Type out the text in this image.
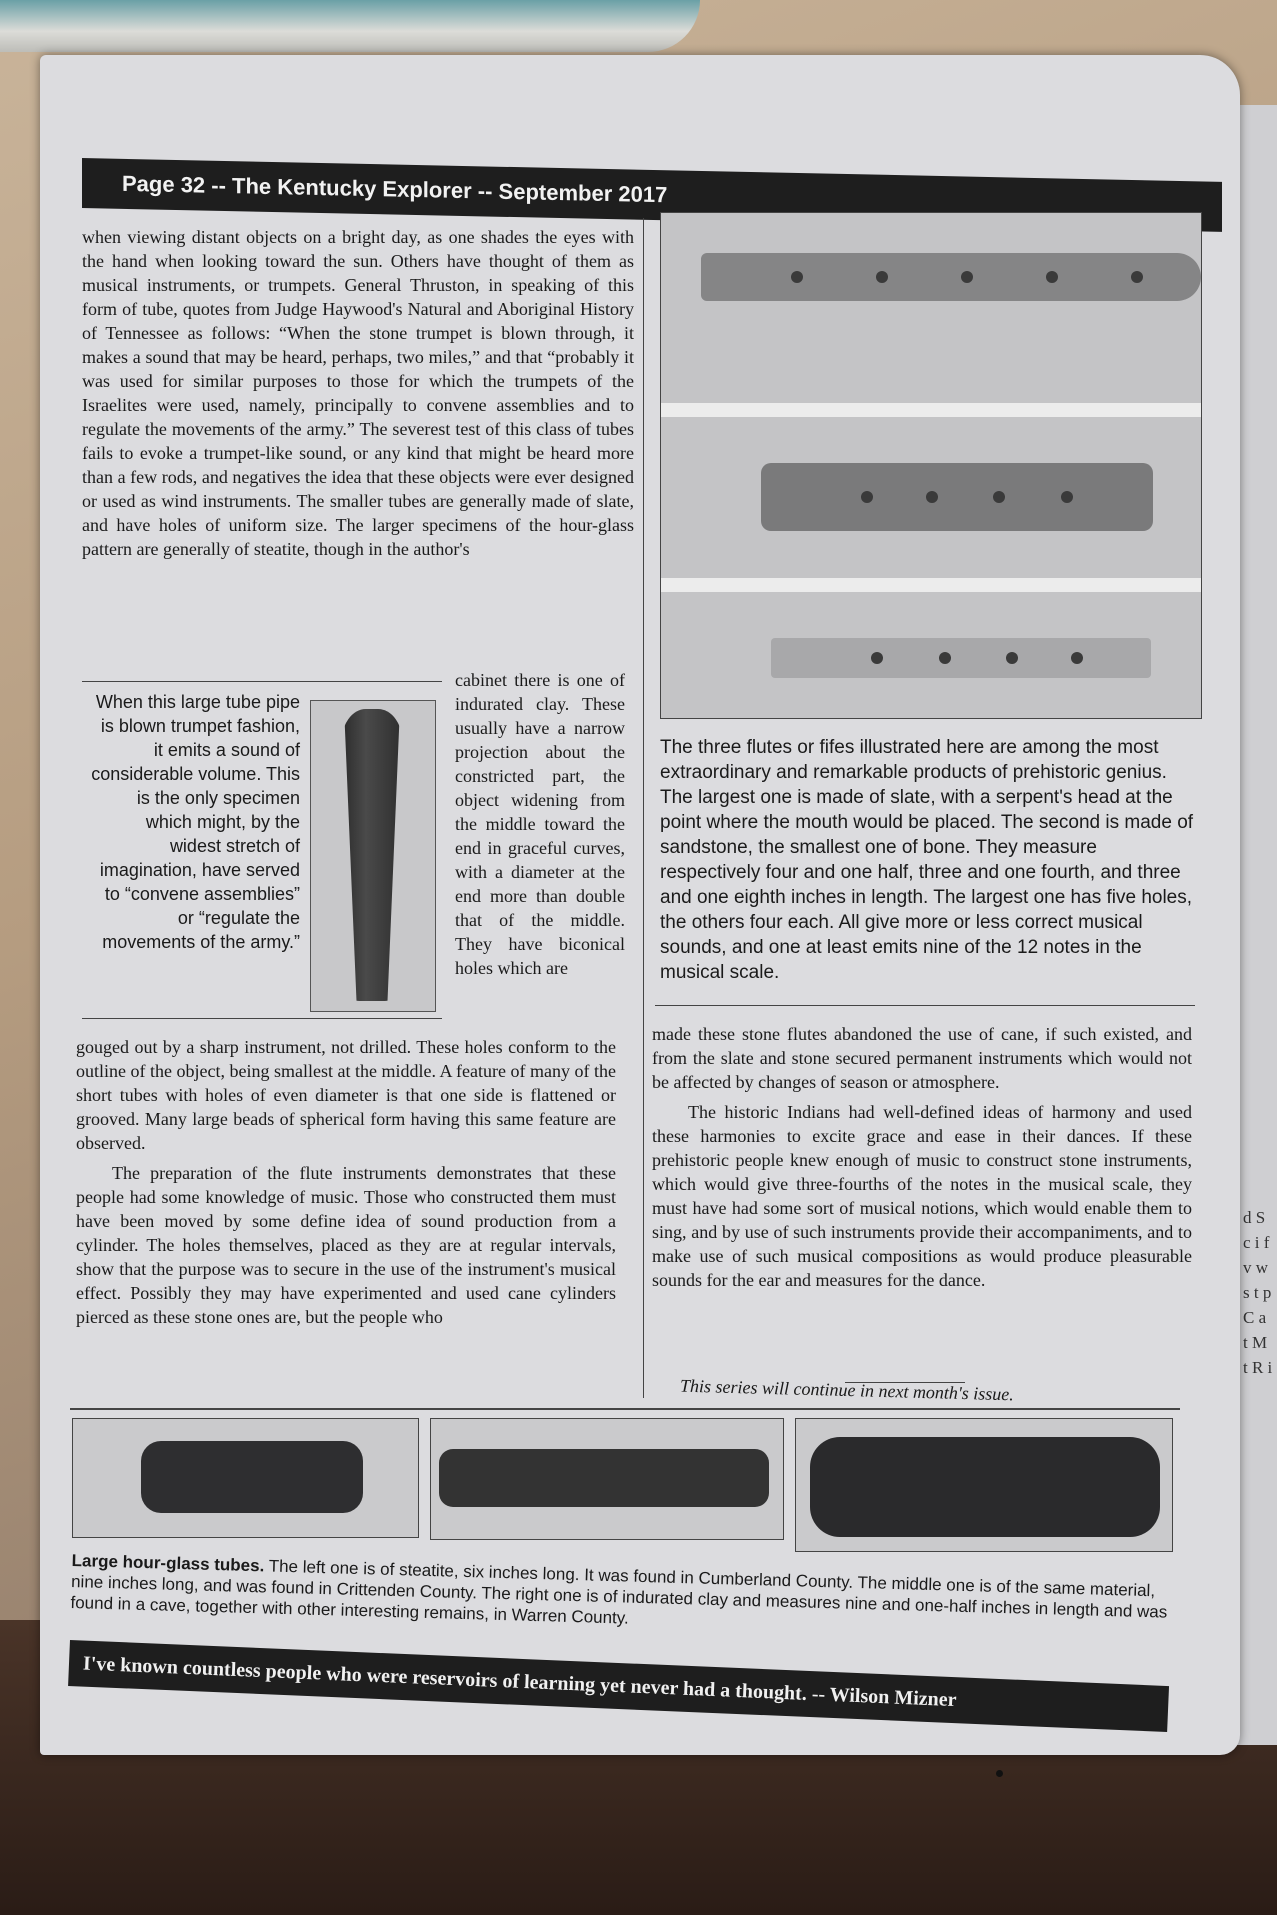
d S c i f v w s t p C a t M t R i
Page 32 -- The Kentucky Explorer -- September 2017

when viewing distant objects on a bright day, as one shades the eyes with the hand when looking toward the sun. Others have thought of them as musical instruments, or trumpets. General Thruston, in speaking of this form of tube, quotes from Judge Haywood's Natural and Aboriginal History of Tennessee as follows: “When the stone trumpet is blown through, it makes a sound that may be heard, perhaps, two miles,” and that “probably it was used for similar purposes to those for which the trumpets of the Israelites were used, namely, principally to convene assemblies and to regulate the movements of the army.” The severest test of this class of tubes fails to evoke a trumpet-like sound, or any kind that might be heard more than a few rods, and negatives the idea that these objects were ever designed or used as wind instruments. The smaller tubes are generally made of slate, and have holes of uniform size. The larger specimens of the hour-glass pattern are generally of steatite, though in the author's

When this large tube pipe is blown trumpet fashion, it emits a sound of considerable volume. This is the only specimen which might, by the widest stretch of imagination, have served to “convene assemblies” or “regulate the movements of the army.”

cabinet there is one of indurated clay. These usually have a narrow projection about the constricted part, the object widening from the middle toward the end in graceful curves, with a diameter at the end more than double that of the middle. They have biconical holes which are

gouged out by a sharp instrument, not drilled. These holes conform to the outline of the object, being smallest at the middle. A feature of many of the short tubes with holes of even diameter is that one side is flattened or grooved. Many large beads of spherical form having this same feature are observed.

The preparation of the flute instruments demonstrates that these people had some knowledge of music. Those who constructed them must have been moved by some define idea of sound production from a cylinder. The holes themselves, placed as they are at regular intervals, show that the purpose was to secure in the use of the instrument's musical effect. Possibly they may have experimented and used cane cylinders pierced as these stone ones are, but the people who

The three flutes or fifes illustrated here are among the most extraordinary and remarkable products of prehistoric genius. The largest one is made of slate, with a serpent's head at the point where the mouth would be placed. The second is made of sandstone, the smallest one of bone. They measure respectively four and one half, three and one fourth, and three and one eighth inches in length. The largest one has five holes, the others four each. All give more or less correct musical sounds, and one at least emits nine of the 12 notes in the musical scale.

made these stone flutes abandoned the use of cane, if such existed, and from the slate and stone secured permanent instruments which would not be affected by changes of season or atmosphere.

The historic Indians had well-defined ideas of harmony and used these harmonies to excite grace and ease in their dances. If these prehistoric people knew enough of music to construct stone instruments, which would give three-fourths of the notes in the musical scale, they must have had some sort of musical notions, which would enable them to sing, and by use of such instruments provide their accompaniments, and to make use of such musical compositions as would produce pleasurable sounds for the ear and measures for the dance.

This series will continue in next month's issue.
Large hour-glass tubes. The left one is of steatite, six inches long. It was found in Cumberland County. The middle one is of the same material, nine inches long, and was found in Crittenden County. The right one is of indurated clay and measures nine and one-half inches in length and was found in a cave, together with other interesting remains, in Warren County.
I've known countless people who were reservoirs of learning yet never had a thought. -- Wilson Mizner
